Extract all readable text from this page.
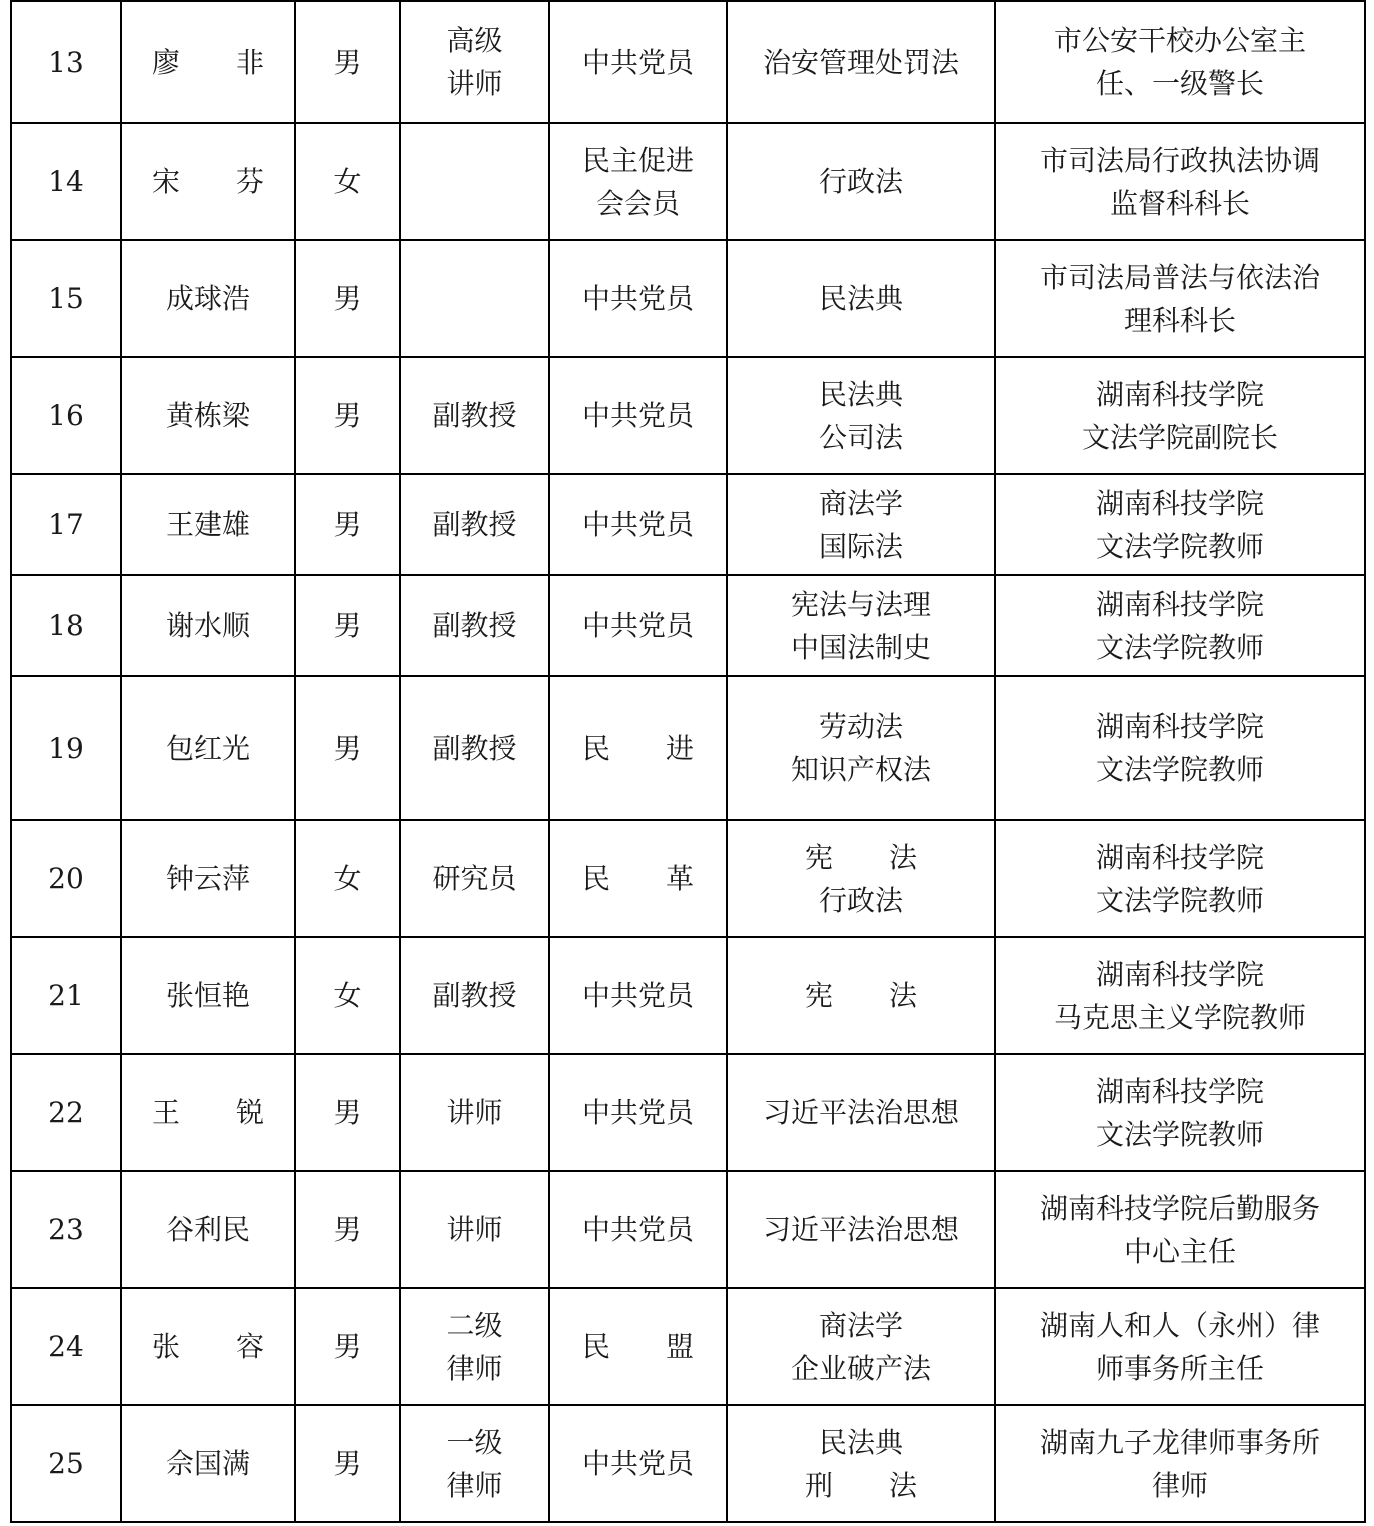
13	廖　　非	男	高级
讲师	中共党员	治安管理处罚法	市公安干校办公室主
任、一级警长

14	宋　　芬	女		民主促进
会会员	行政法	市司法局行政执法协调
监督科科长

15	成球浩	男		中共党员	民法典	市司法局普法与依法治
理科科长

16	黄栋梁	男	副教授	中共党员	民法典
公司法	湖南科技学院
文法学院副院长

17	王建雄	男	副教授	中共党员	商法学
国际法	湖南科技学院
文法学院教师

18	谢水顺	男	副教授	中共党员	宪法与法理
中国法制史	湖南科技学院
文法学院教师

19	包红光	男	副教授	民　　进	劳动法
知识产权法	湖南科技学院
文法学院教师

20	钟云萍	女	研究员	民　　革	宪　　法
行政法	湖南科技学院
文法学院教师

21	张恒艳	女	副教授	中共党员	宪　　法	湖南科技学院
马克思主义学院教师

22	王　　锐	男	讲师	中共党员	习近平法治思想	湖南科技学院
文法学院教师

23	谷利民	男	讲师	中共党员	习近平法治思想	湖南科技学院后勤服务
中心主任

24	张　　容	男	二级
律师	民　　盟	商法学
企业破产法	湖南人和人（永州）律
师事务所主任

25	佘国满	男	一级
律师	中共党员	民法典
刑　　法	湖南九子龙律师事务所
律师
